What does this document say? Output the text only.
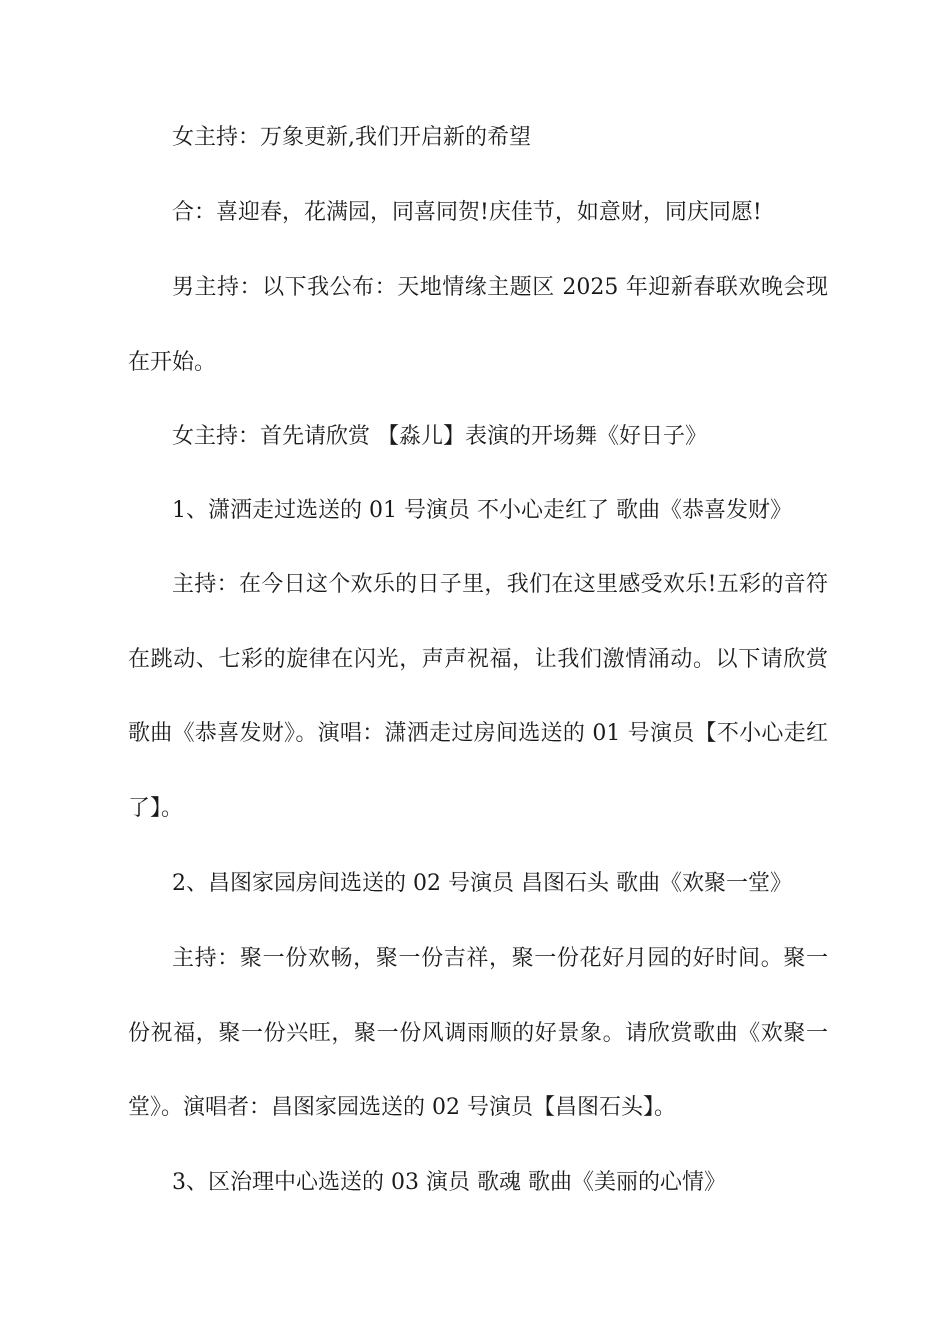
女主持：万象更新,我们开启新的希望

合：喜迎春，花满园，同喜同贺!庆佳节，如意财，同庆同愿!

男主持：以下我公布：天地情缘主题区 2025 年迎新春联欢晚会现在开始。

女主持：首先请欣赏 【淼儿】表演的开场舞《好日子》

1、潇洒走过选送的 01 号演员 不小心走红了 歌曲《恭喜发财》

主持：在今日这个欢乐的日子里，我们在这里感受欢乐!五彩的音符在跳动、七彩的旋律在闪光，声声祝福，让我们激情涌动。以下请欣赏歌曲《恭喜发财》。演唱：潇洒走过房间选送的 01 号演员【不小心走红了】。

2、昌图家园房间选送的 02 号演员 昌图石头 歌曲《欢聚一堂》

主持：聚一份欢畅，聚一份吉祥，聚一份花好月园的好时间。聚一份祝福，聚一份兴旺，聚一份风调雨顺的好景象。请欣赏歌曲《欢聚一堂》。演唱者：昌图家园选送的 02 号演员【昌图石头】。

3、区治理中心选送的 03 演员 歌魂 歌曲《美丽的心情》
